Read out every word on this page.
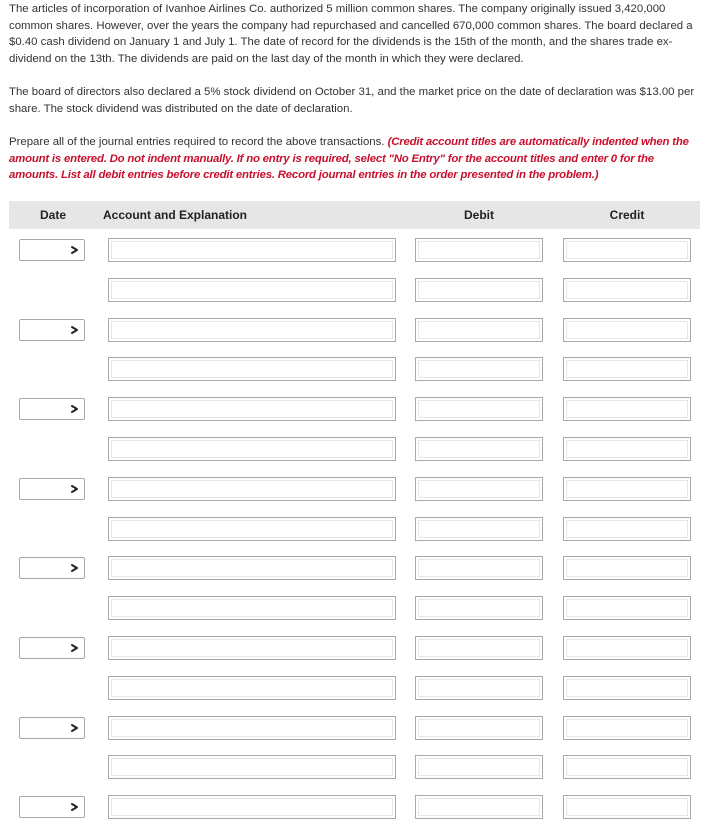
The articles of incorporation of Ivanhoe Airlines Co. authorized 5 million common shares. The company originally issued 3,420,000 common shares. However, over the years the company had repurchased and cancelled 670,000 common shares. The board declared a $0.40 cash dividend on January 1 and July 1. The date of record for the dividends is the 15th of the month, and the shares trade ex-dividend on the 13th. The dividends are paid on the last day of the month in which they were declared.

The board of directors also declared a 5% stock dividend on October 31, and the market price on the date of declaration was $13.00 per share. The stock dividend was distributed on the date of declaration.

Prepare all of the journal entries required to record the above transactions. (Credit account titles are automatically indented when the amount is entered. Do not indent manually. If no entry is required, select "No Entry" for the account titles and enter 0 for the amounts. List all debit entries before credit entries. Record journal entries in the order presented in the problem.)

Date	Account and Explanation	Debit	Credit
